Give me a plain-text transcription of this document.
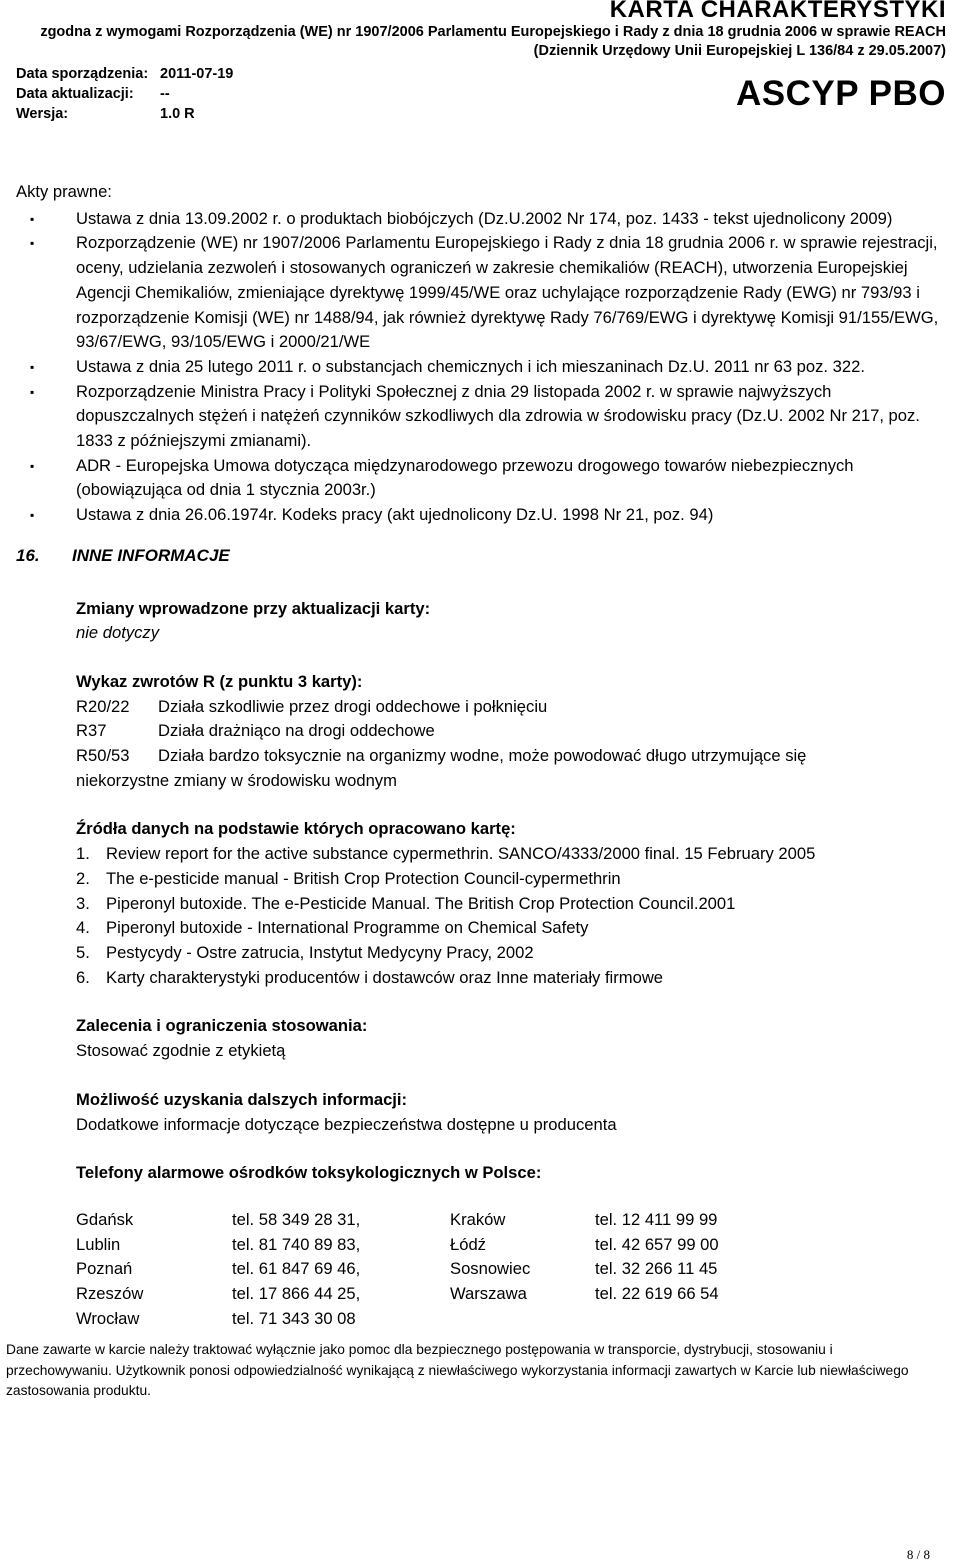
KARTA CHARAKTERYSTYKI
zgodna z wymogami Rozporządzenia (WE) nr 1907/2006 Parlamentu Europejskiego i Rady z dnia 18 grudnia 2006 w sprawie REACH
(Dziennik Urzędowy Unii Europejskiej L 136/84 z 29.05.2007)
Data sporządzenia: 2011-07-19
Data aktualizacji: --
Wersja:	1.0 R
ASCYP PBO
Akty prawne:
▪	Ustawa z dnia 13.09.2002 r. o produktach biobójczych (Dz.U.2002 Nr 174, poz. 1433 - tekst ujednolicony 2009)
▪	Rozporządzenie (WE) nr 1907/2006 Parlamentu Europejskiego i Rady z dnia 18 grudnia 2006 r. w sprawie rejestracji, oceny, udzielania zezwoleń i stosowanych ograniczeń w zakresie chemikaliów (REACH), utworzenia Europejskiej Agencji Chemikaliów, zmieniające dyrektywę 1999/45/WE oraz uchylające rozporządzenie Rady (EWG) nr 793/93 i rozporządzenie Komisji (WE) nr 1488/94, jak również dyrektywę Rady 76/769/EWG i dyrektywę Komisji 91/155/EWG, 93/67/EWG, 93/105/EWG i 2000/21/WE
▪	Ustawa z dnia 25 lutego 2011 r. o substancjach chemicznych i ich mieszaninach Dz.U. 2011 nr 63 poz. 322.
▪	Rozporządzenie Ministra Pracy i Polityki Społecznej z dnia 29 listopada 2002 r. w sprawie najwyższych dopuszczalnych stężeń i natężeń czynników szkodliwych dla zdrowia w środowisku pracy (Dz.U. 2002 Nr 217, poz. 1833 z późniejszymi zmianami).
▪	ADR - Europejska Umowa dotycząca międzynarodowego przewozu drogowego towarów niebezpiecznych (obowiązująca od dnia 1 stycznia 2003r.)
▪	Ustawa z dnia 26.06.1974r. Kodeks pracy (akt ujednolicony Dz.U. 1998 Nr 21, poz. 94)
16. INNE INFORMACJE
Zmiany wprowadzone przy aktualizacji karty:
nie dotyczy
Wykaz zwrotów R (z punktu 3 karty):
R20/22	Działa szkodliwie przez drogi oddechowe i połknięciu
R37	Działa drażniąco na drogi oddechowe
R50/53	Działa bardzo toksycznie na organizmy wodne, może powodować długo utrzymujące się
niekorzystne zmiany w środowisku wodnym
Źródła danych na podstawie których opracowano kartę:
1. Review report for the active substance cypermethrin. SANCO/4333/2000 final. 15 February 2005
2. The e-pesticide manual - British Crop Protection Council-cypermethrin
3. Piperonyl butoxide. The e-Pesticide Manual. The British Crop Protection Council.2001
4. Piperonyl butoxide - International Programme on Chemical Safety
5. Pestycydy - Ostre zatrucia, Instytut Medycyny Pracy, 2002
6. Karty charakterystyki producentów i dostawców oraz Inne materiały firmowe
Zalecenia i ograniczenia stosowania:
Stosować zgodnie z etykietą
Możliwość uzyskania dalszych informacji:
Dodatkowe informacje dotyczące bezpieczeństwa dostępne u producenta
Telefony alarmowe ośrodków toksykologicznych w Polsce:
Gdańsk	tel. 58 349 28 31,	Kraków	tel. 12 411 99 99
Lublin	tel. 81 740 89 83,	Łódź	tel. 42 657 99 00
Poznań	tel. 61 847 69 46,	Sosnowiec	tel. 32 266 11 45
Rzeszów	tel. 17 866 44 25,	Warszawa	tel. 22 619 66 54
Wrocław	tel. 71 343 30 08
Dane zawarte w karcie należy traktować wyłącznie jako pomoc dla bezpiecznego postępowania w transporcie, dystrybucji, stosowaniu i przechowywaniu. Użytkownik ponosi odpowiedzialność wynikającą z niewłaściwego wykorzystania informacji zawartych w Karcie lub niewłaściwego zastosowania produktu.
8 / 8
